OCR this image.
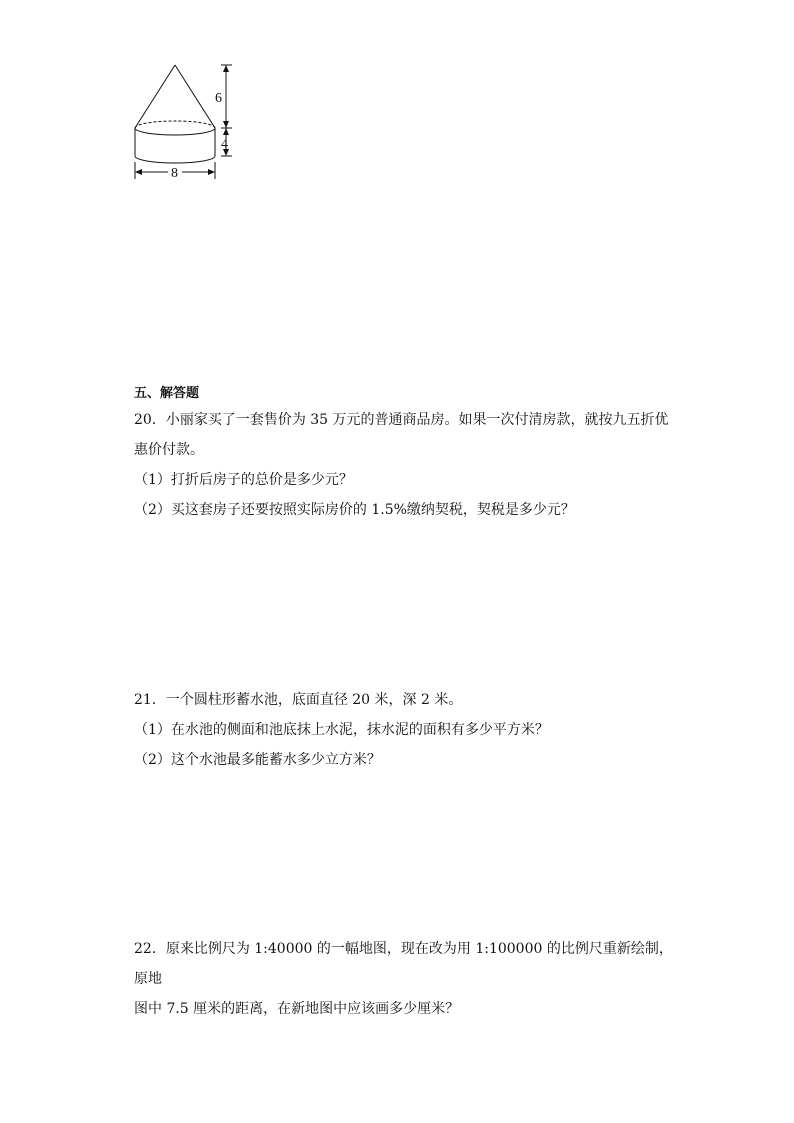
6
4
8
五、解答题
20．小丽家买了一套售价为 35 万元的普通商品房。如果一次付清房款，就按九五折优
惠价付款。
（1）打折后房子的总价是多少元？
（2）买这套房子还要按照实际房价的 1.5%缴纳契税，契税是多少元？
21．一个圆柱形蓄水池，底面直径 20 米，深 2 米。
（1）在水池的侧面和池底抹上水泥，抹水泥的面积有多少平方米？
（2）这个水池最多能蓄水多少立方米？
22．原来比例尺为 1:40000 的一幅地图，现在改为用 1:100000 的比例尺重新绘制，原地
图中 7.5 厘米的距离，在新地图中应该画多少厘米？
